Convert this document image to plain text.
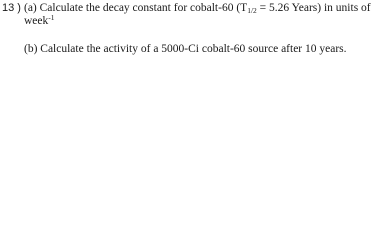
13 ) (a) Calculate the decay constant for cobalt-60 ($T_{1/2} = 5.26$ Years) in units of
week$^{-1}$
(b) Calculate the activity of a 5000-Ci cobalt-60 source after 10 years.
